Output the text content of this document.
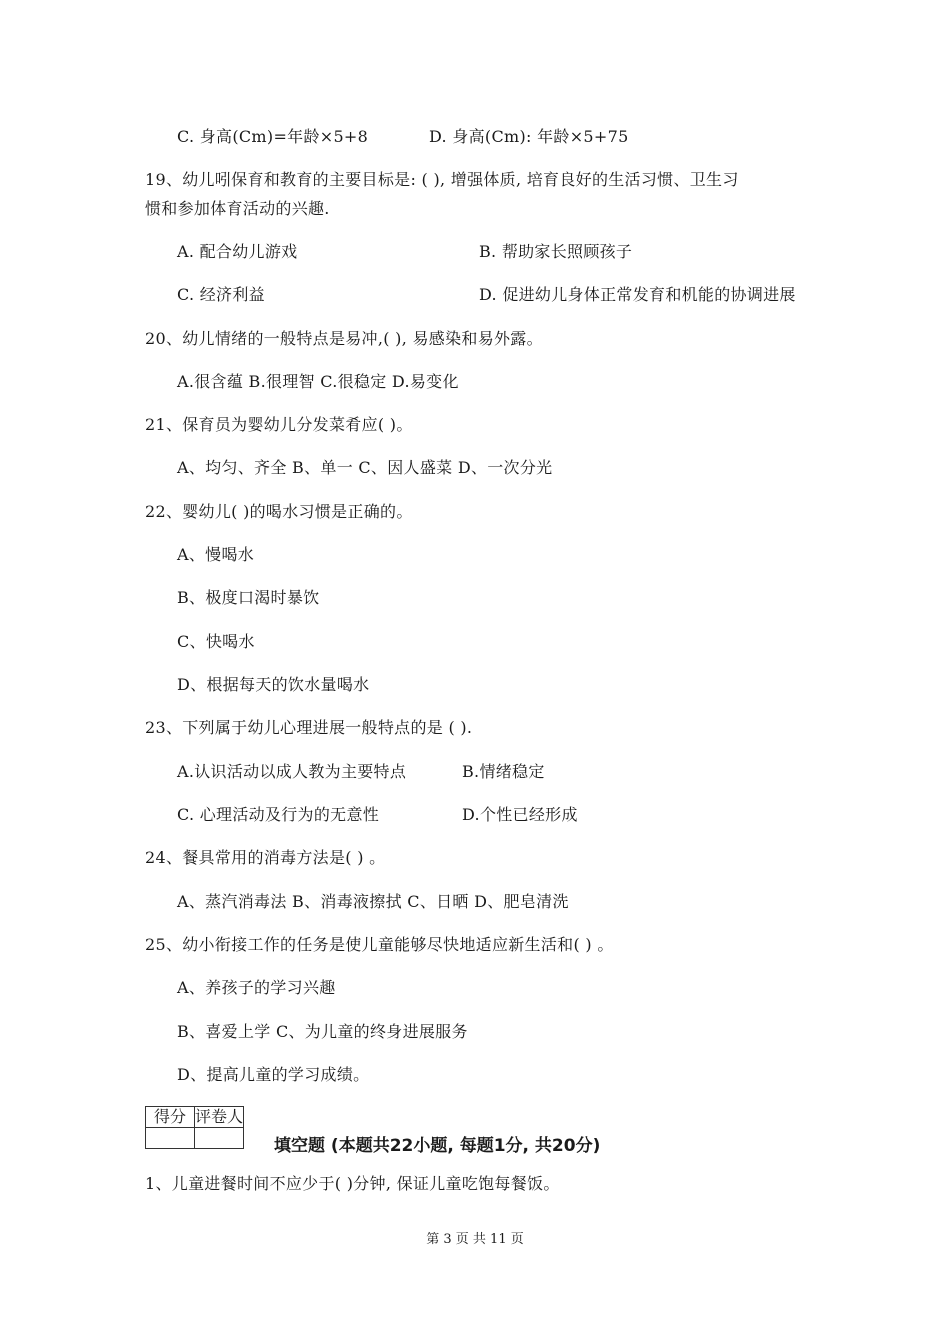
C. 身高(Cm)=年龄×5+8	D. 身高(Cm): 年龄×5+75
19、幼儿吲保育和教育的主要目标是: ( ), 增强体质, 培育良好的生活习惯、卫生习
惯和参加体育活动的兴趣.
A. 配合幼儿游戏	B. 帮助家长照顾孩子
C. 经济利益	D. 促进幼儿身体正常发育和机能的协调进展
20、幼儿情绪的一般特点是易冲,( ), 易感染和易外露。
A.很含蕴 B.很理智 C.很稳定 D.易变化
21、保育员为婴幼儿分发菜肴应( )。
A、均匀、齐全 B、单一 C、因人盛菜 D、一次分光
22、婴幼儿( )的喝水习惯是正确的。
A、慢喝水
B、极度口渴时暴饮
C、快喝水
D、根据每天的饮水量喝水
23、下列属于幼儿心理进展一般特点的是 ( ).
A.认识活动以成人教为主要特点	B.情绪稳定
C. 心理活动及行为的无意性	D.个性已经形成
24、餐具常用的消毒方法是( ) 。
A、蒸汽消毒法 B、消毒液擦拭 C、日晒 D、肥皂清洗
25、幼小衔接工作的任务是使儿童能够尽快地适应新生活和( ) 。
A、养孩子的学习兴趣
B、喜爱上学 C、为儿童的终身进展服务
D、提高儿童的学习成绩。
得分	评卷人

填空题 (本题共22小题, 每题1分, 共20分)
1、儿童进餐时间不应少于( )分钟, 保证儿童吃饱每餐饭。
第 3 页 共 11 页
